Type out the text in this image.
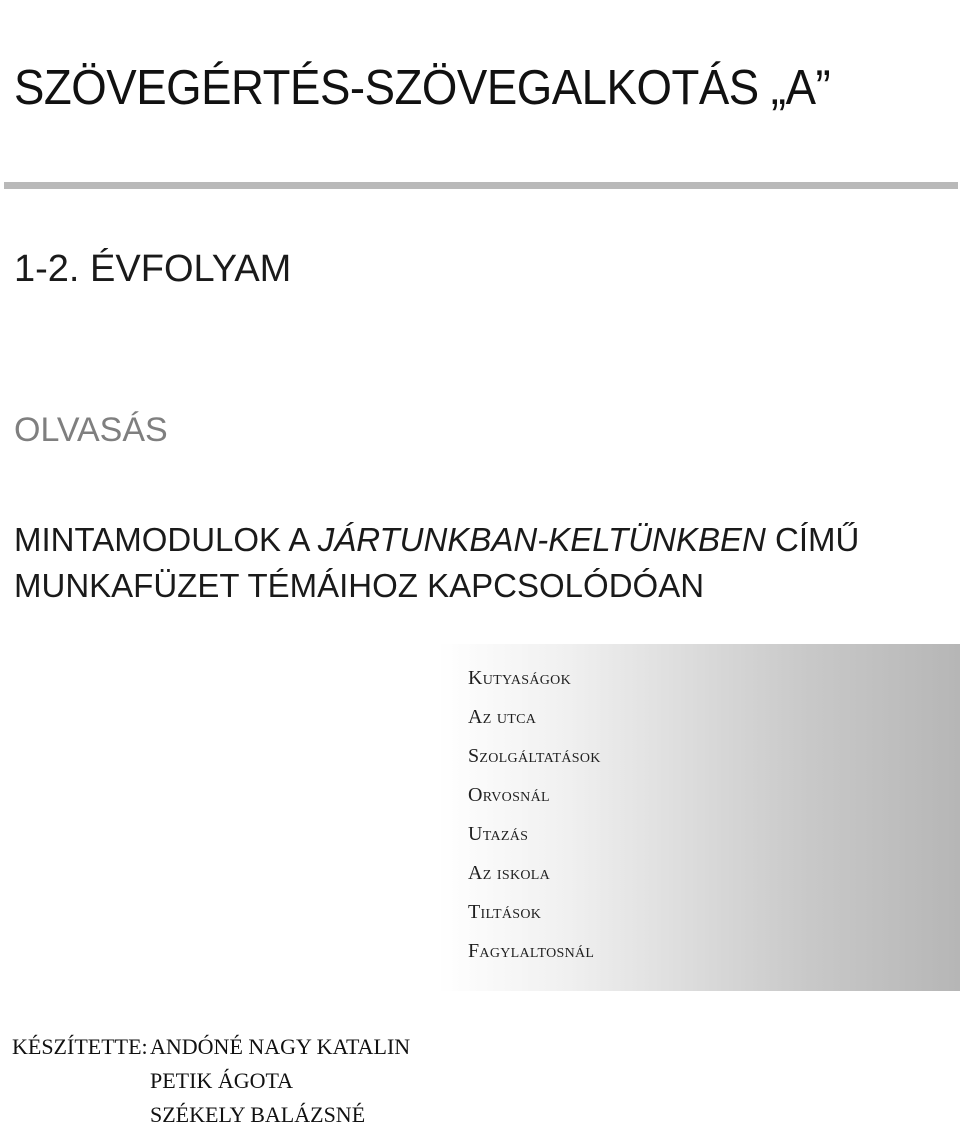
SZÖVEGÉRTÉS-SZÖVEGALKOTÁS „A”
1-2. ÉVFOLYAM
OLVASÁS
MINTAMODULOK A JÁRTUNKBAN-KELTÜNKBEN CÍMŰ
MUNKAFÜZET TÉMÁIHOZ KAPCSOLÓDÓAN
Kutyaságok
Az utca
Szolgáltatások
Orvosnál
Utazás
Az iskola
Tiltások
Fagylaltosnál
KÉSZÍTETTE: ANDÓNÉ NAGY KATALIN
PETIK ÁGOTA
SZÉKELY BALÁZSNÉ
